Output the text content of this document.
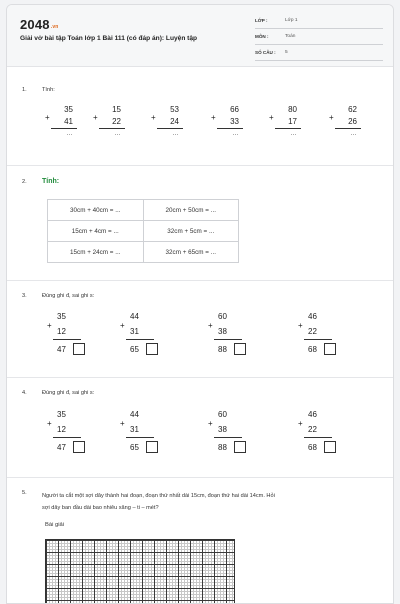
2048.vn
Giải vở bài tập Toán lớp 1 Bài 111 (có đáp án): Luyện tập
LỚP :	Lớp 1
MÔN :	Toán
SỐ CÂU : 5
1.	Tính:
35
+ 41
...
15
+ 22
...
53
+ 24
...
66
+ 33
...
80
+ 17
...
62
+ 26
...
2. Tính:
30cm + 40cm = ...	20cm + 50cm = ...
15cm + 4cm = ...	32cm + 5cm = ...
15cm + 24cm = ...	32cm + 65cm = ...
3.	Đúng ghi đ, sai ghi s:
35
+
12
47
44
+
31
65
60
+
38
88
46
+
22
68
4.	Đúng ghi đ, sai ghi s:
35
+
12
47
44
+
31
65
60
+
38
88
46
+
22
68
5.	Người ta cắt một sợi dây thành hai đoạn, đoạn thứ nhất dài 15cm, đoạn thứ hai dài 14cm. Hỏi
sợi dây ban đầu dài bao nhiêu xăng – ti – mét?
Bài giải
